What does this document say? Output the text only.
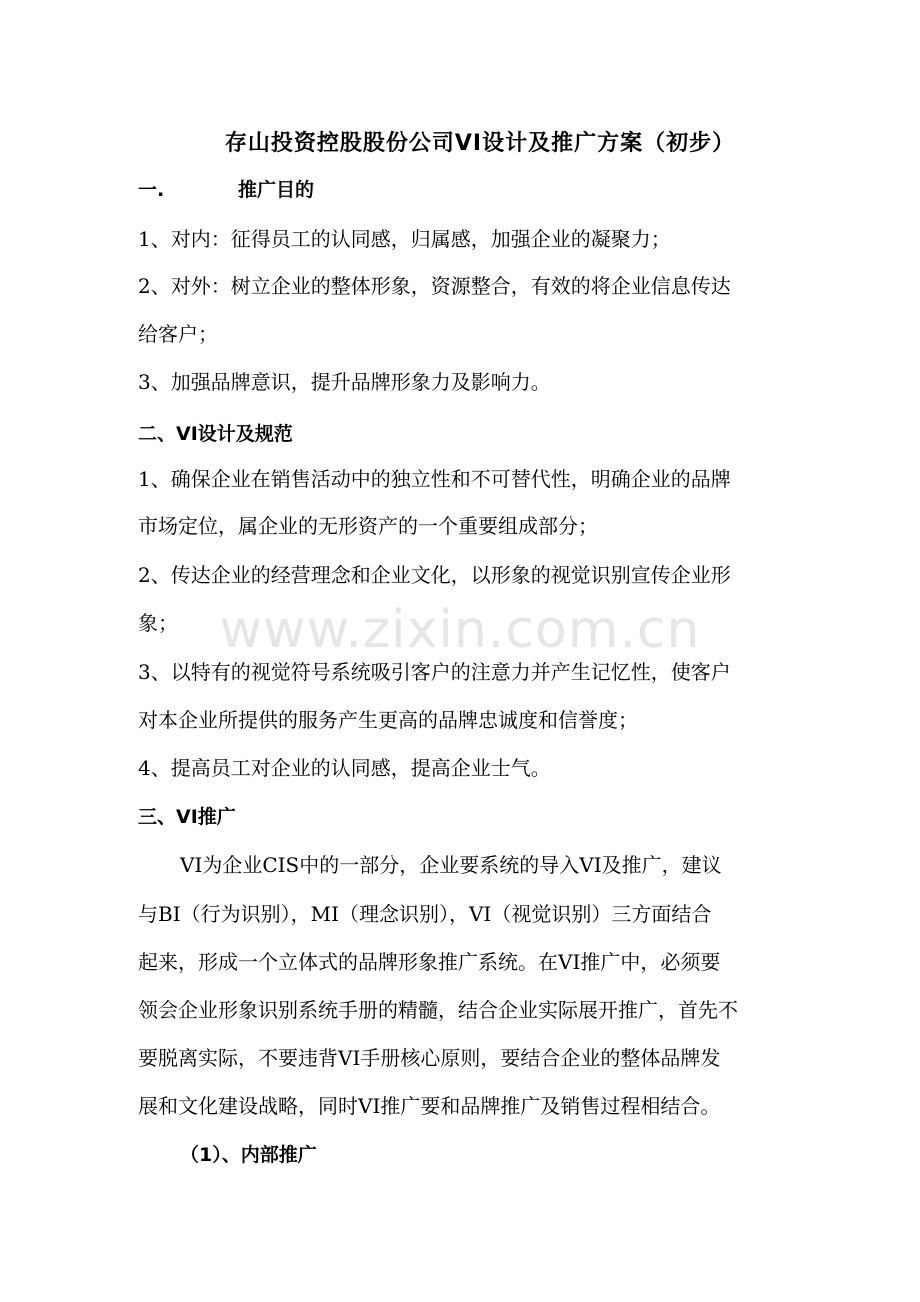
www.zixin.com.cn
存山投资控股股份公司VI设计及推广方案（初步）
一.	推广目的
1、对内：征得员工的认同感，归属感，加强企业的凝聚力；
2、对外：树立企业的整体形象，资源整合，有效的将企业信息传达
给客户；
3、加强品牌意识，提升品牌形象力及影响力。
二、VI设计及规范
1、确保企业在销售活动中的独立性和不可替代性，明确企业的品牌
市场定位，属企业的无形资产的一个重要组成部分；
2、传达企业的经营理念和企业文化，以形象的视觉识别宣传企业形
象；
3、以特有的视觉符号系统吸引客户的注意力并产生记忆性，使客户
对本企业所提供的服务产生更高的品牌忠诚度和信誉度；
4、提高员工对企业的认同感，提高企业士气。
三、VI推广
VI为企业CIS中的一部分，企业要系统的导入VI及推广，建议
与BI（行为识别），MI（理念识别），VI（视觉识别）三方面结合
起来，形成一个立体式的品牌形象推广系统。在VI推广中，必须要
领会企业形象识别系统手册的精髓，结合企业实际展开推广，首先不
要脱离实际，不要违背VI手册核心原则，要结合企业的整体品牌发
展和文化建设战略，同时VI推广要和品牌推广及销售过程相结合。
（1）、内部推广
